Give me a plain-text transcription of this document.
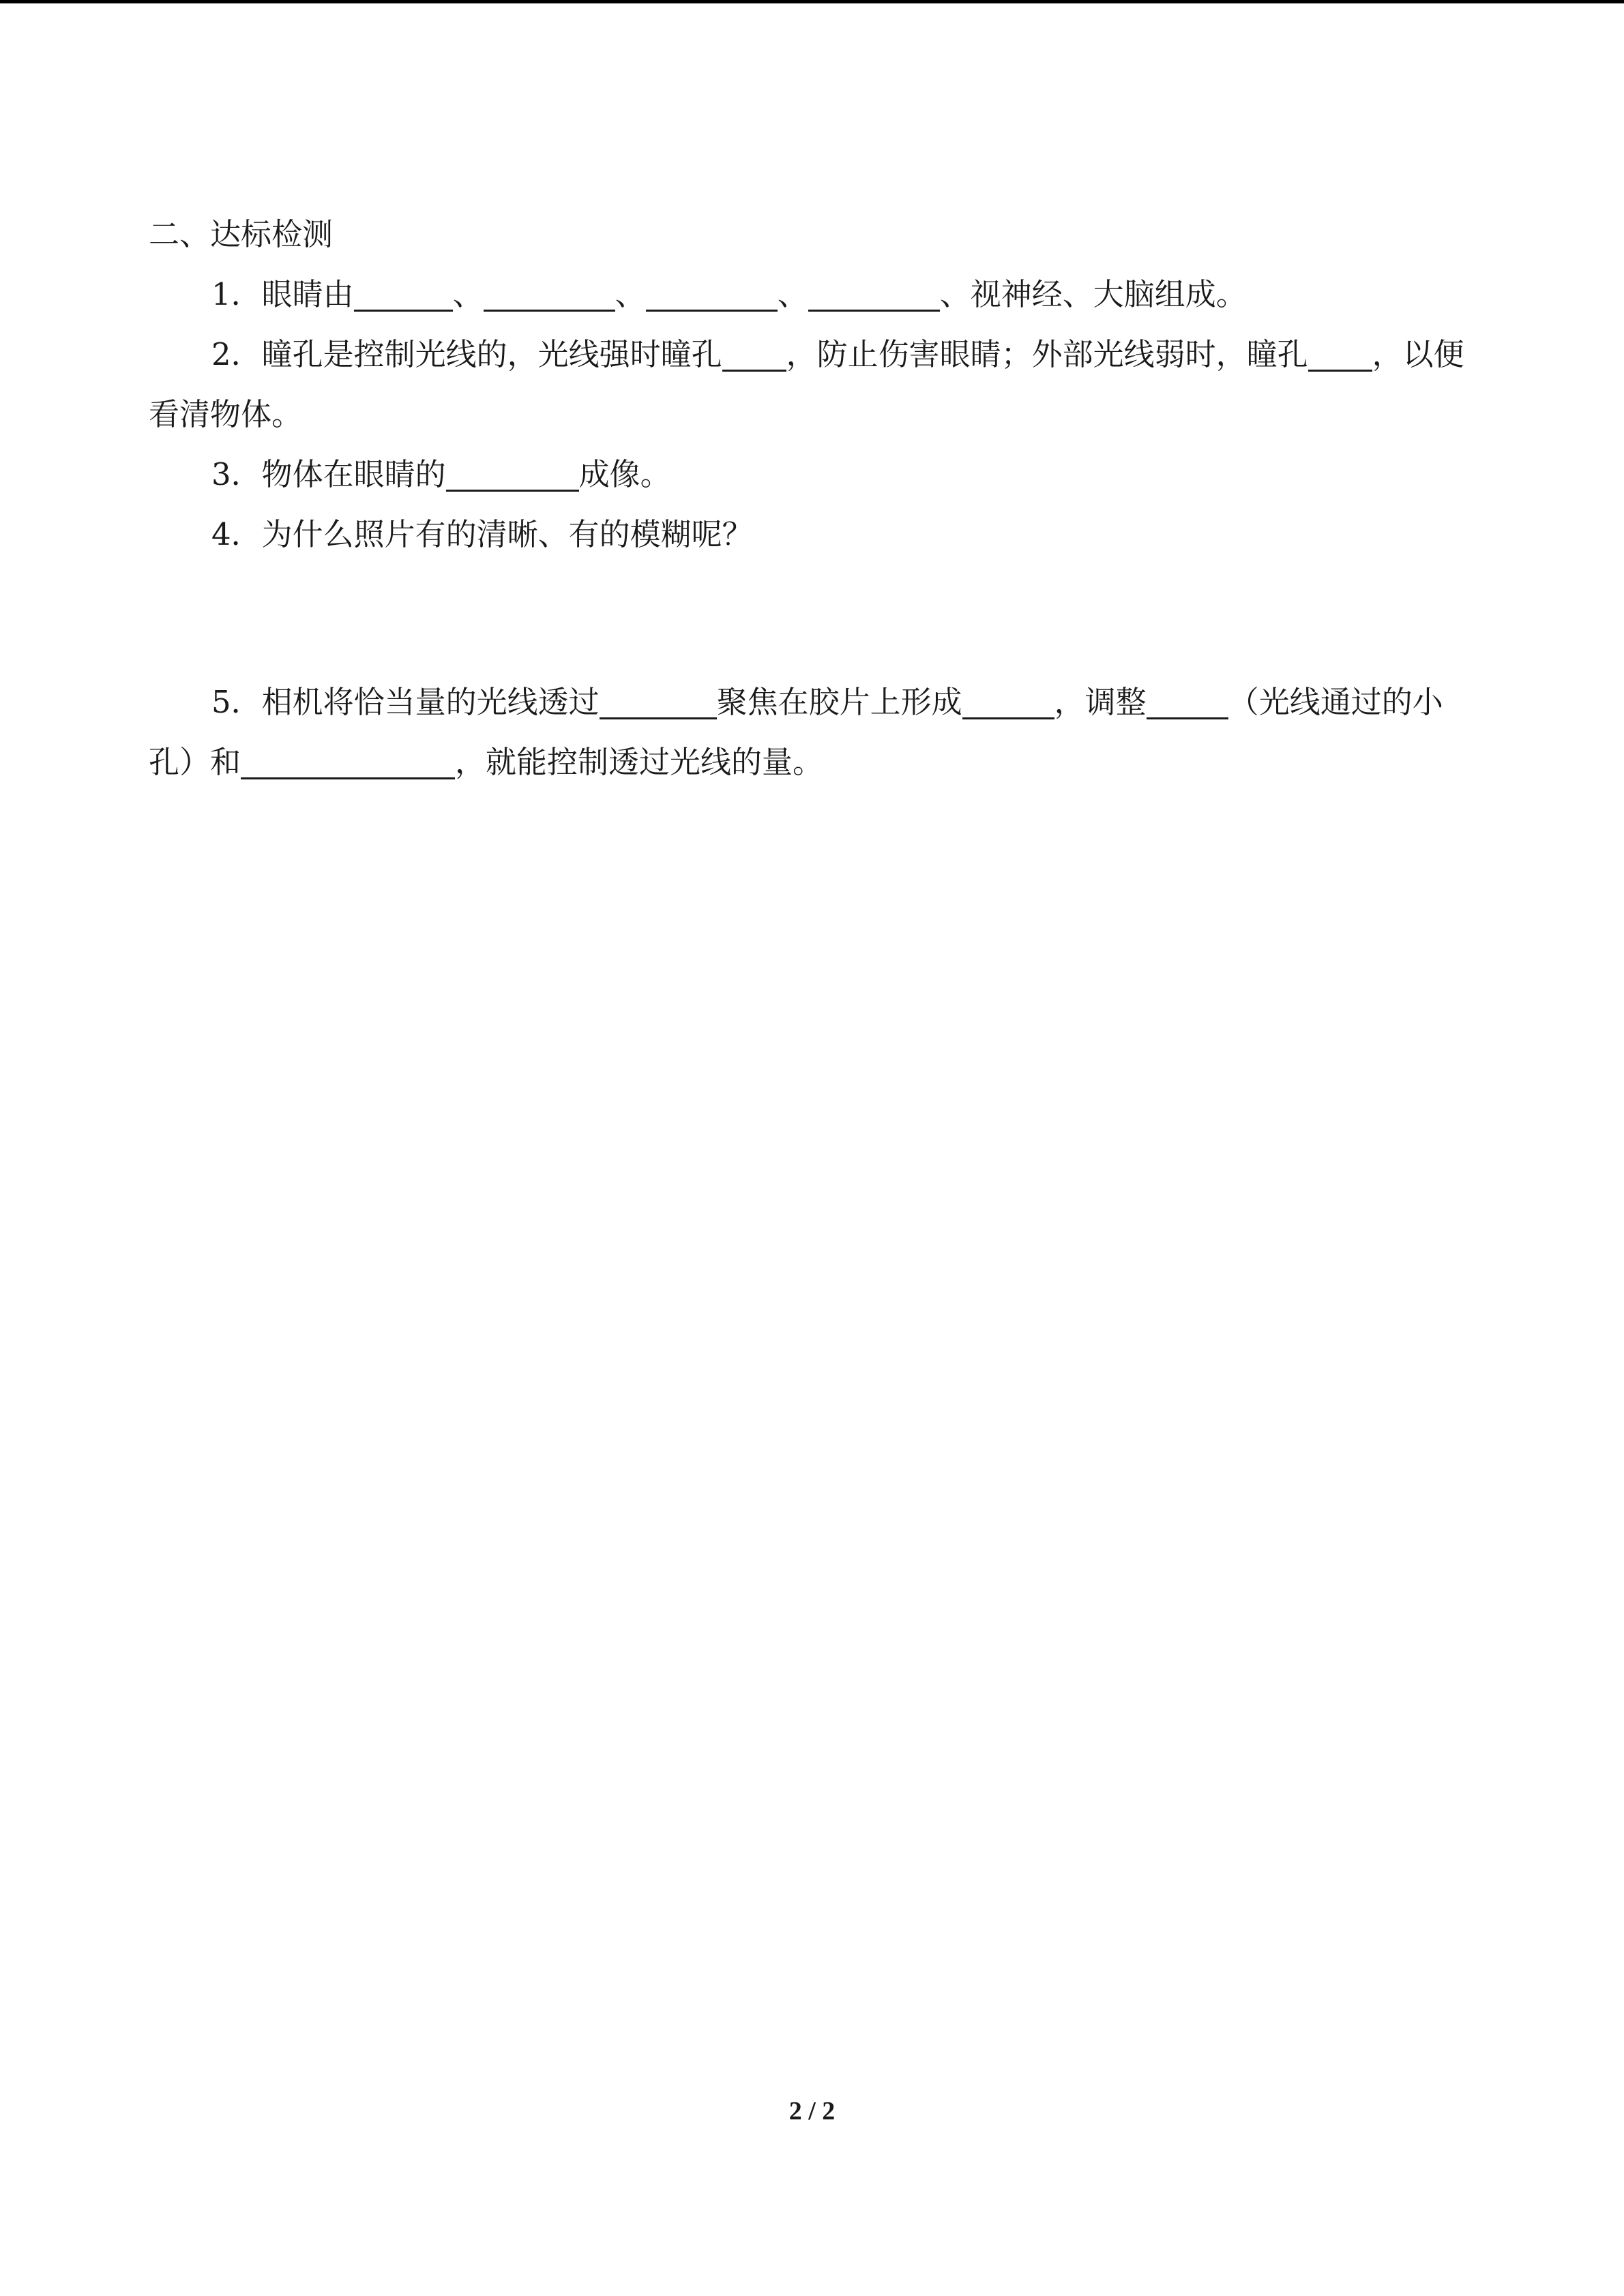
二、达标检测

1．眼睛由	、	、	、	、视神经、大脑组成。

2．瞳孔是控制光线的，光线强时瞳孔 ，防止伤害眼睛；外部光线弱时，瞳孔 ，以便看清物体。

3．物体在眼睛的	成像。

4．为什么照片有的清晰、有的模糊呢？

5．相机将恰当量的光线透过	聚焦在胶片上形成	，调整	（光线通过的小孔）和	，就能控制透过光线的量。

2 / 2
